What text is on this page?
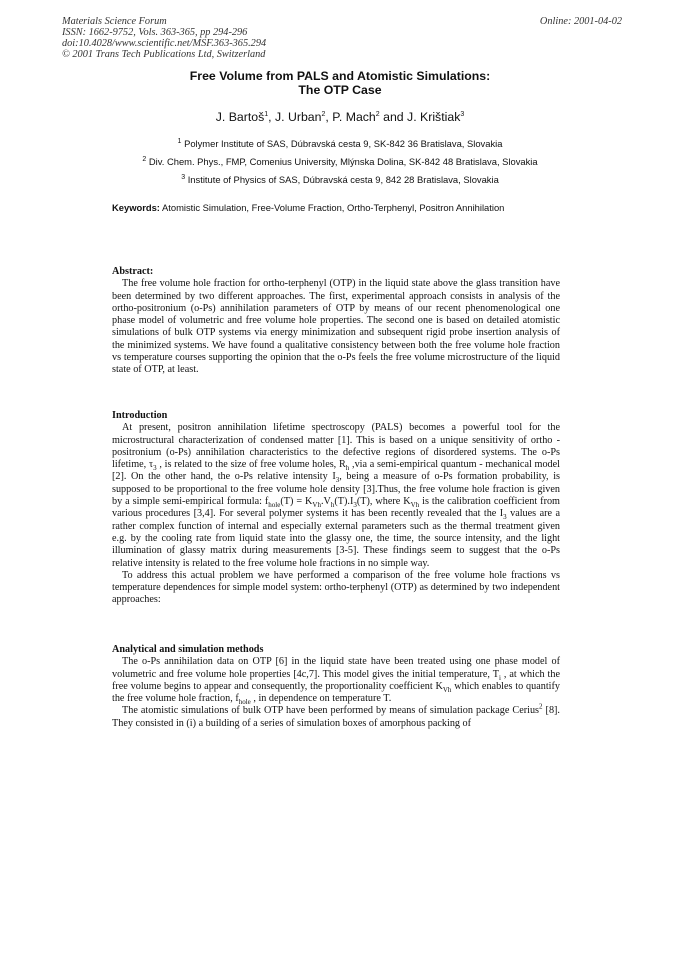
Materials Science Forum
ISSN: 1662-9752, Vols. 363-365, pp 294-296
doi:10.4028/www.scientific.net/MSF.363-365.294
© 2001 Trans Tech Publications Ltd, Switzerland
Online: 2001-04-02
Free Volume from PALS and Atomistic Simulations:
The OTP Case
J. Bartoš$^1$, J. Urban$^2$, P. Mach$^2$ and J. Krištiak$^3$
$^1$ Polymer Institute of SAS, Dúbravská cesta 9, SK-842 36 Bratislava, Slovakia
$^2$ Div. Chem. Phys., FMP, Comenius University, Mlýnska Dolina, SK-842 48 Bratislava, Slovakia
$^3$ Institute of Physics of SAS, Dúbravská cesta 9, 842 28 Bratislava, Slovakia
Keywords: Atomistic Simulation, Free-Volume Fraction, Ortho-Terphenyl, Positron Annihilation
Abstract:

The free volume hole fraction for ortho-terphenyl (OTP) in the liquid state above the glass transition have been determined by two different approaches. The first, experimental approach consists in analysis of the ortho-positronium (o-Ps) annihilation parameters of OTP by means of our recent phenomenological one phase model of volumetric and free volume hole properties. The second one is based on detailed atomistic simulations of bulk OTP systems via energy minimization and subsequent rigid probe insertion analysis of the minimized systems. We have found a qualitative consistency between both the free volume hole fraction vs temperature courses supporting the opinion that the o-Ps feels the free volume microstructure of the liquid state of OTP, at least.

Introduction

At present, positron annihilation lifetime spectroscopy (PALS) becomes a powerful tool for the microstructural characterization of condensed matter [1]. This is based on a unique sensitivity of ortho -positronium (o-Ps) annihilation characteristics to the defective regions of disordered systems. The o-Ps lifetime, $\tau_3$ , is related to the size of free volume holes, $R_h$ ,via a semi-empirical quantum - mechanical model [2]. On the other hand, the o-Ps relative intensity $I_3$, being a measure of o-Ps formation probability, is supposed to be proportional to the free volume hole density [3].Thus, the free volume hole fraction is given by a simple semi-empirical formula: $f_{hole}(T) = K_{Vh}.V_h(T).I_3(T)$, where $K_{Vh}$ is the calibration coefficient from various procedures [3,4]. For several polymer systems it has been recently revealed that the $I_3$ values are a rather complex function of internal and especially external parameters such as the thermal treatment given e.g. by the cooling rate from liquid state into the glassy one, the time, the source intensity, and the light illumination of glassy matrix during measurements [3-5]. These findings seem to suggest that the o-Ps relative intensity is related to the free volume hole fractions in no simple way.

To address this actual problem we have performed a comparison of the free volume hole fractions vs temperature dependences for simple model system: ortho-terphenyl (OTP) as determined by two independent approaches:

Analytical and simulation methods

The o-Ps annihilation data on OTP [6] in the liquid state have been treated using one phase model of volumetric and free volume hole properties [4c,7]. This model gives the initial temperature, $T_i$ , at which the free volume begins to appear and consequently, the proportionality coefficient $K_{Vh}$ which enables to quantify the free volume hole fraction, $f_{hole}$ , in dependence on temperature T.

The atomistic simulations of bulk OTP have been performed by means of simulation package Cerius$^2$ [8]. They consisted in (i) a building of a series of simulation boxes of amorphous packing of
